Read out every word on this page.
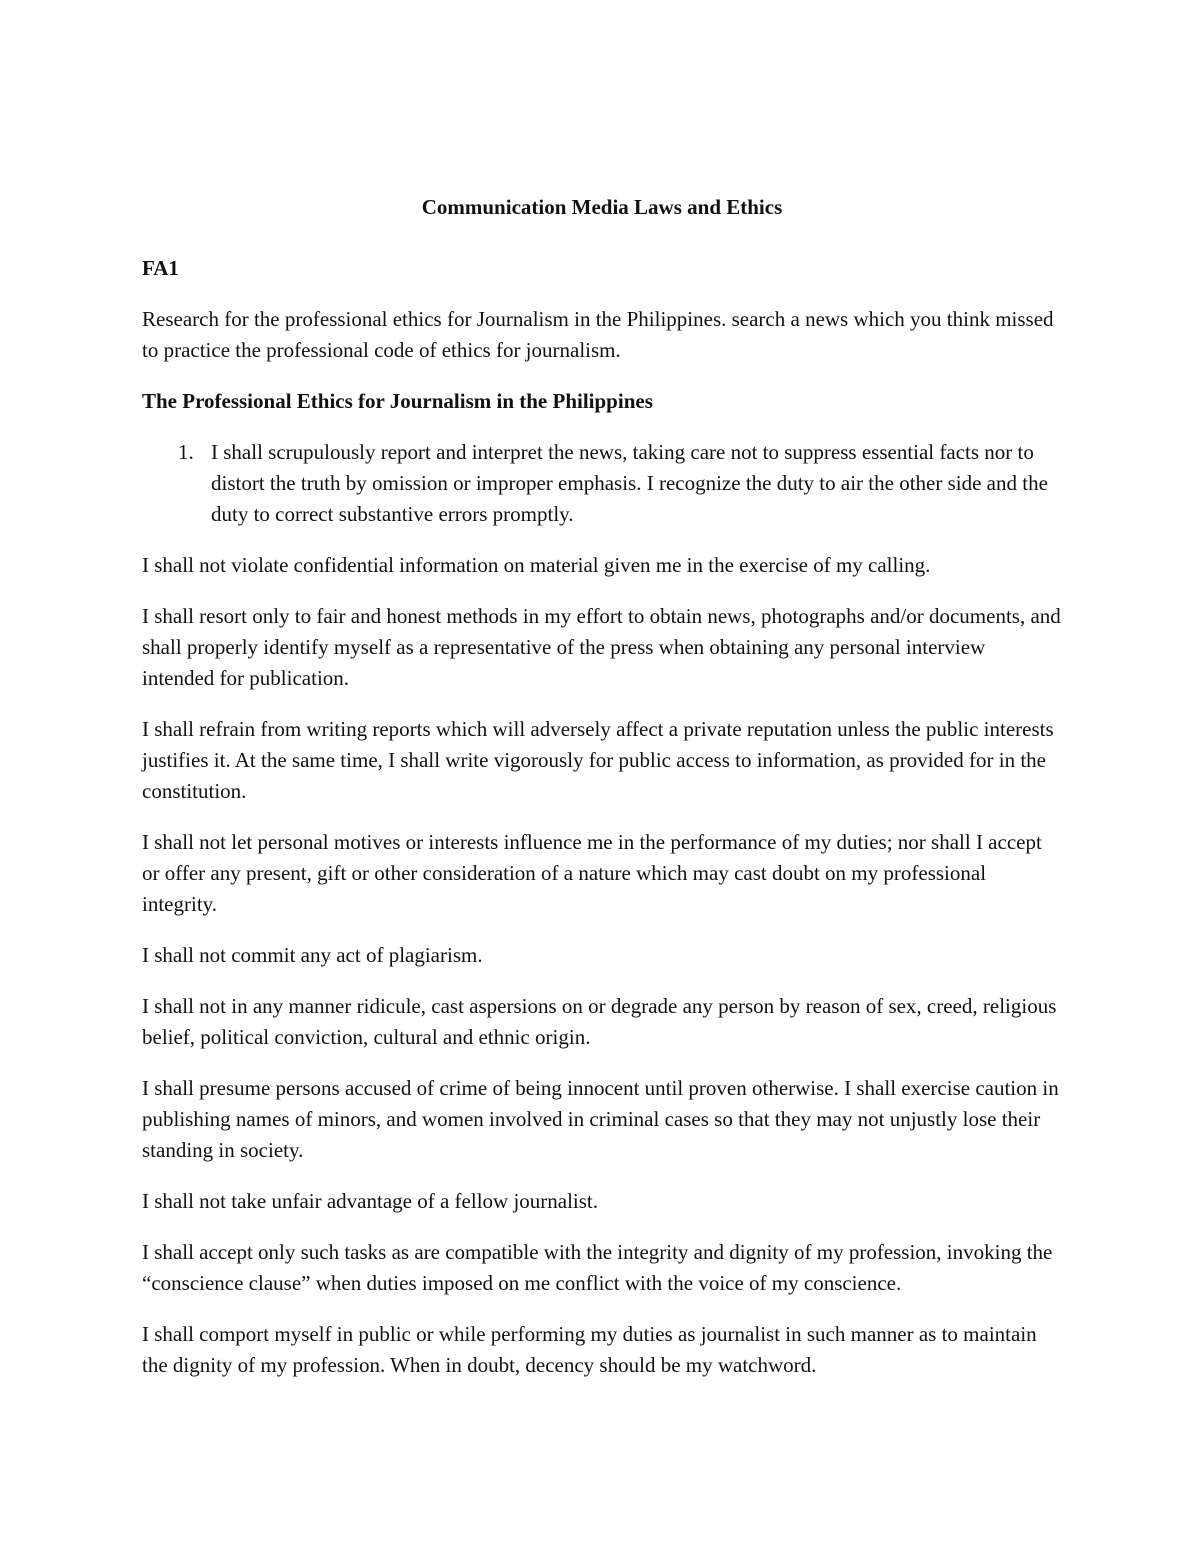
Communication Media Laws and Ethics
FA1
Research for the professional ethics for Journalism in the Philippines. search a news which you think missed to practice the professional code of ethics for journalism.
The Professional Ethics for Journalism in the Philippines
1. I shall scrupulously report and interpret the news, taking care not to suppress essential facts nor to distort the truth by omission or improper emphasis. I recognize the duty to air the other side and the duty to correct substantive errors promptly.
I shall not violate confidential information on material given me in the exercise of my calling.
I shall resort only to fair and honest methods in my effort to obtain news, photographs and/or documents, and shall properly identify myself as a representative of the press when obtaining any personal interview intended for publication.
I shall refrain from writing reports which will adversely affect a private reputation unless the public interests justifies it. At the same time, I shall write vigorously for public access to information, as provided for in the constitution.
I shall not let personal motives or interests influence me in the performance of my duties; nor shall I accept or offer any present, gift or other consideration of a nature which may cast doubt on my professional integrity.
I shall not commit any act of plagiarism.
I shall not in any manner ridicule, cast aspersions on or degrade any person by reason of sex, creed, religious belief, political conviction, cultural and ethnic origin.
I shall presume persons accused of crime of being innocent until proven otherwise. I shall exercise caution in publishing names of minors, and women involved in criminal cases so that they may not unjustly lose their standing in society.
I shall not take unfair advantage of a fellow journalist.
I shall accept only such tasks as are compatible with the integrity and dignity of my profession, invoking the “conscience clause” when duties imposed on me conflict with the voice of my conscience.
I shall comport myself in public or while performing my duties as journalist in such manner as to maintain the dignity of my profession. When in doubt, decency should be my watchword.
